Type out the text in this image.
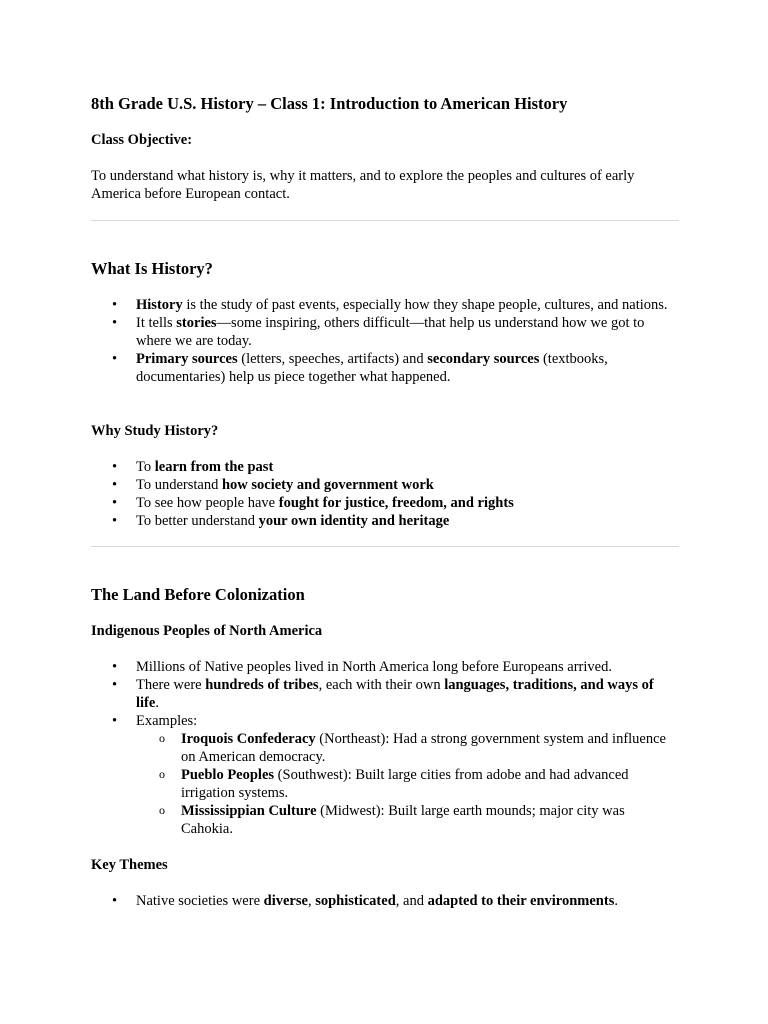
8th Grade U.S. History – Class 1: Introduction to American History

Class Objective:

To understand what history is, why it matters, and to explore the peoples and cultures of early America before European contact.

What Is History?

• History is the study of past events, especially how they shape people, cultures, and nations.
• It tells stories—some inspiring, others difficult—that help us understand how we got to where we are today.
• Primary sources (letters, speeches, artifacts) and secondary sources (textbooks, documentaries) help us piece together what happened.

Why Study History?

• To learn from the past
• To understand how society and government work
• To see how people have fought for justice, freedom, and rights
• To better understand your own identity and heritage

The Land Before Colonization

Indigenous Peoples of North America

• Millions of Native peoples lived in North America long before Europeans arrived.
• There were hundreds of tribes, each with their own languages, traditions, and ways of life.
• Examples:
o Iroquois Confederacy (Northeast): Had a strong government system and influence on American democracy.
o Pueblo Peoples (Southwest): Built large cities from adobe and had advanced irrigation systems.
o Mississippian Culture (Midwest): Built large earth mounds; major city was Cahokia.

Key Themes

• Native societies were diverse, sophisticated, and adapted to their environments.
